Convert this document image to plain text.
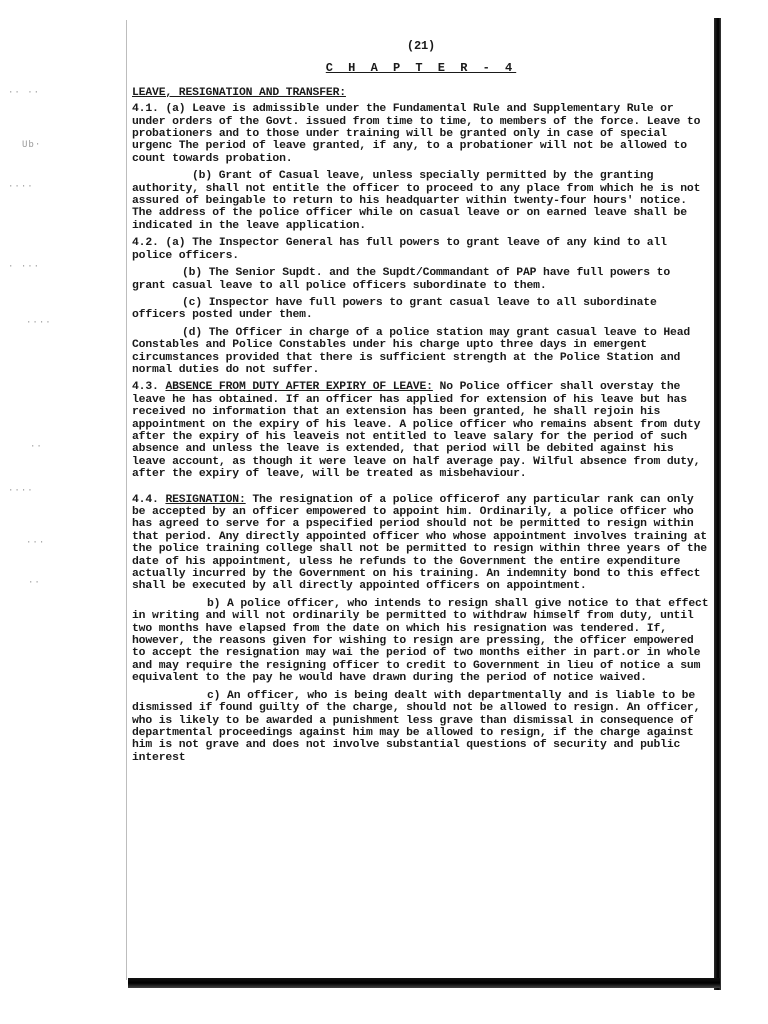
·· ··
Ub·
····
· ···
····
··
····
···
··
(21)
C H A P T E R - 4
LEAVE, RESIGNATION AND TRANSFER:

4.1. (a) Leave is admissible under the Fundamental Rule and Supplementary Rule or under orders of the Govt. issued from time to time, to members of the force. Leave to probationers and to those under training will be granted only in case of special urgenc The period of leave granted, if any, to a probationer will not be allowed to count towards probation.

(b) Grant of Casual leave, unless specially permitted by the granting authority, shall not entitle the officer to proceed to any place from which he is not assured of beingable to return to his headquarter within twenty-four hours' notice. The address of the police officer while on casual leave or on earned leave shall be indicated in the leave application.

4.2. (a) The Inspector General has full powers to grant leave of any kind to all police officers.

(b) The Senior Supdt. and the Supdt/Commandant of PAP have full powers to grant casual leave to all police officers subordinate to them.

(c) Inspector have full powers to grant casual leave to all subordinate officers posted under them.

(d) The Officer in charge of a police station may grant casual leave to Head Constables and Police Constables under his charge upto three days in emergent circumstances provided that there is sufficient strength at the Police Station and normal duties do not suffer.

4.3. ABSENCE FROM DUTY AFTER EXPIRY OF LEAVE: No Police officer shall overstay the leave he has obtained. If an officer has applied for extension of his leave but has received no information that an extension has been granted, he shall rejoin his appointment on the expiry of his leave. A police officer who remains absent from duty after the expiry of his leaveis not entitled to leave salary for the period of such absence and unless the leave is extended, that period will be debited against his leave account, as though it were leave on half average pay. Wilful absence from duty, after the expiry of leave, will be treated as misbehaviour.

4.4. RESIGNATION: The resignation of a police officerof any particular rank can only be accepted by an officer empowered to appoint him. Ordinarily, a police officer who has agreed to serve for a pspecified period should not be permitted to resign within that period. Any directly appointed officer who whose appointment involves training at the police training college shall not be permitted to resign within three years of the date of his appointment, uless he refunds to the Government the entire expenditure actually incurred by the Government on his training. An indemnity bond to this effect shall be executed by all directly appointed officers on appointment.

b) A police officer, who intends to resign shall give notice to that effect in writing and will not ordinarily be permitted to withdraw himself from duty, until two months have elapsed from the date on which his resignation was tendered. If, however, the reasons given for wishing to resign are pressing, the officer empowered to accept the resignation may wai the period of two months either in part.or in whole and may require the resigning officer to credit to Government in lieu of notice a sum equivalent to the pay he would have drawn during the period of notice waived.

c) An officer, who is being dealt with departmentally and is liable to be dismissed if found guilty of the charge, should not be allowed to resign. An officer, who is likely to be awarded a punishment less grave than dismissal in consequence of departmental proceedings against him may be allowed to resign, if the charge against him is not grave and does not involve substantial questions of security and public interest
